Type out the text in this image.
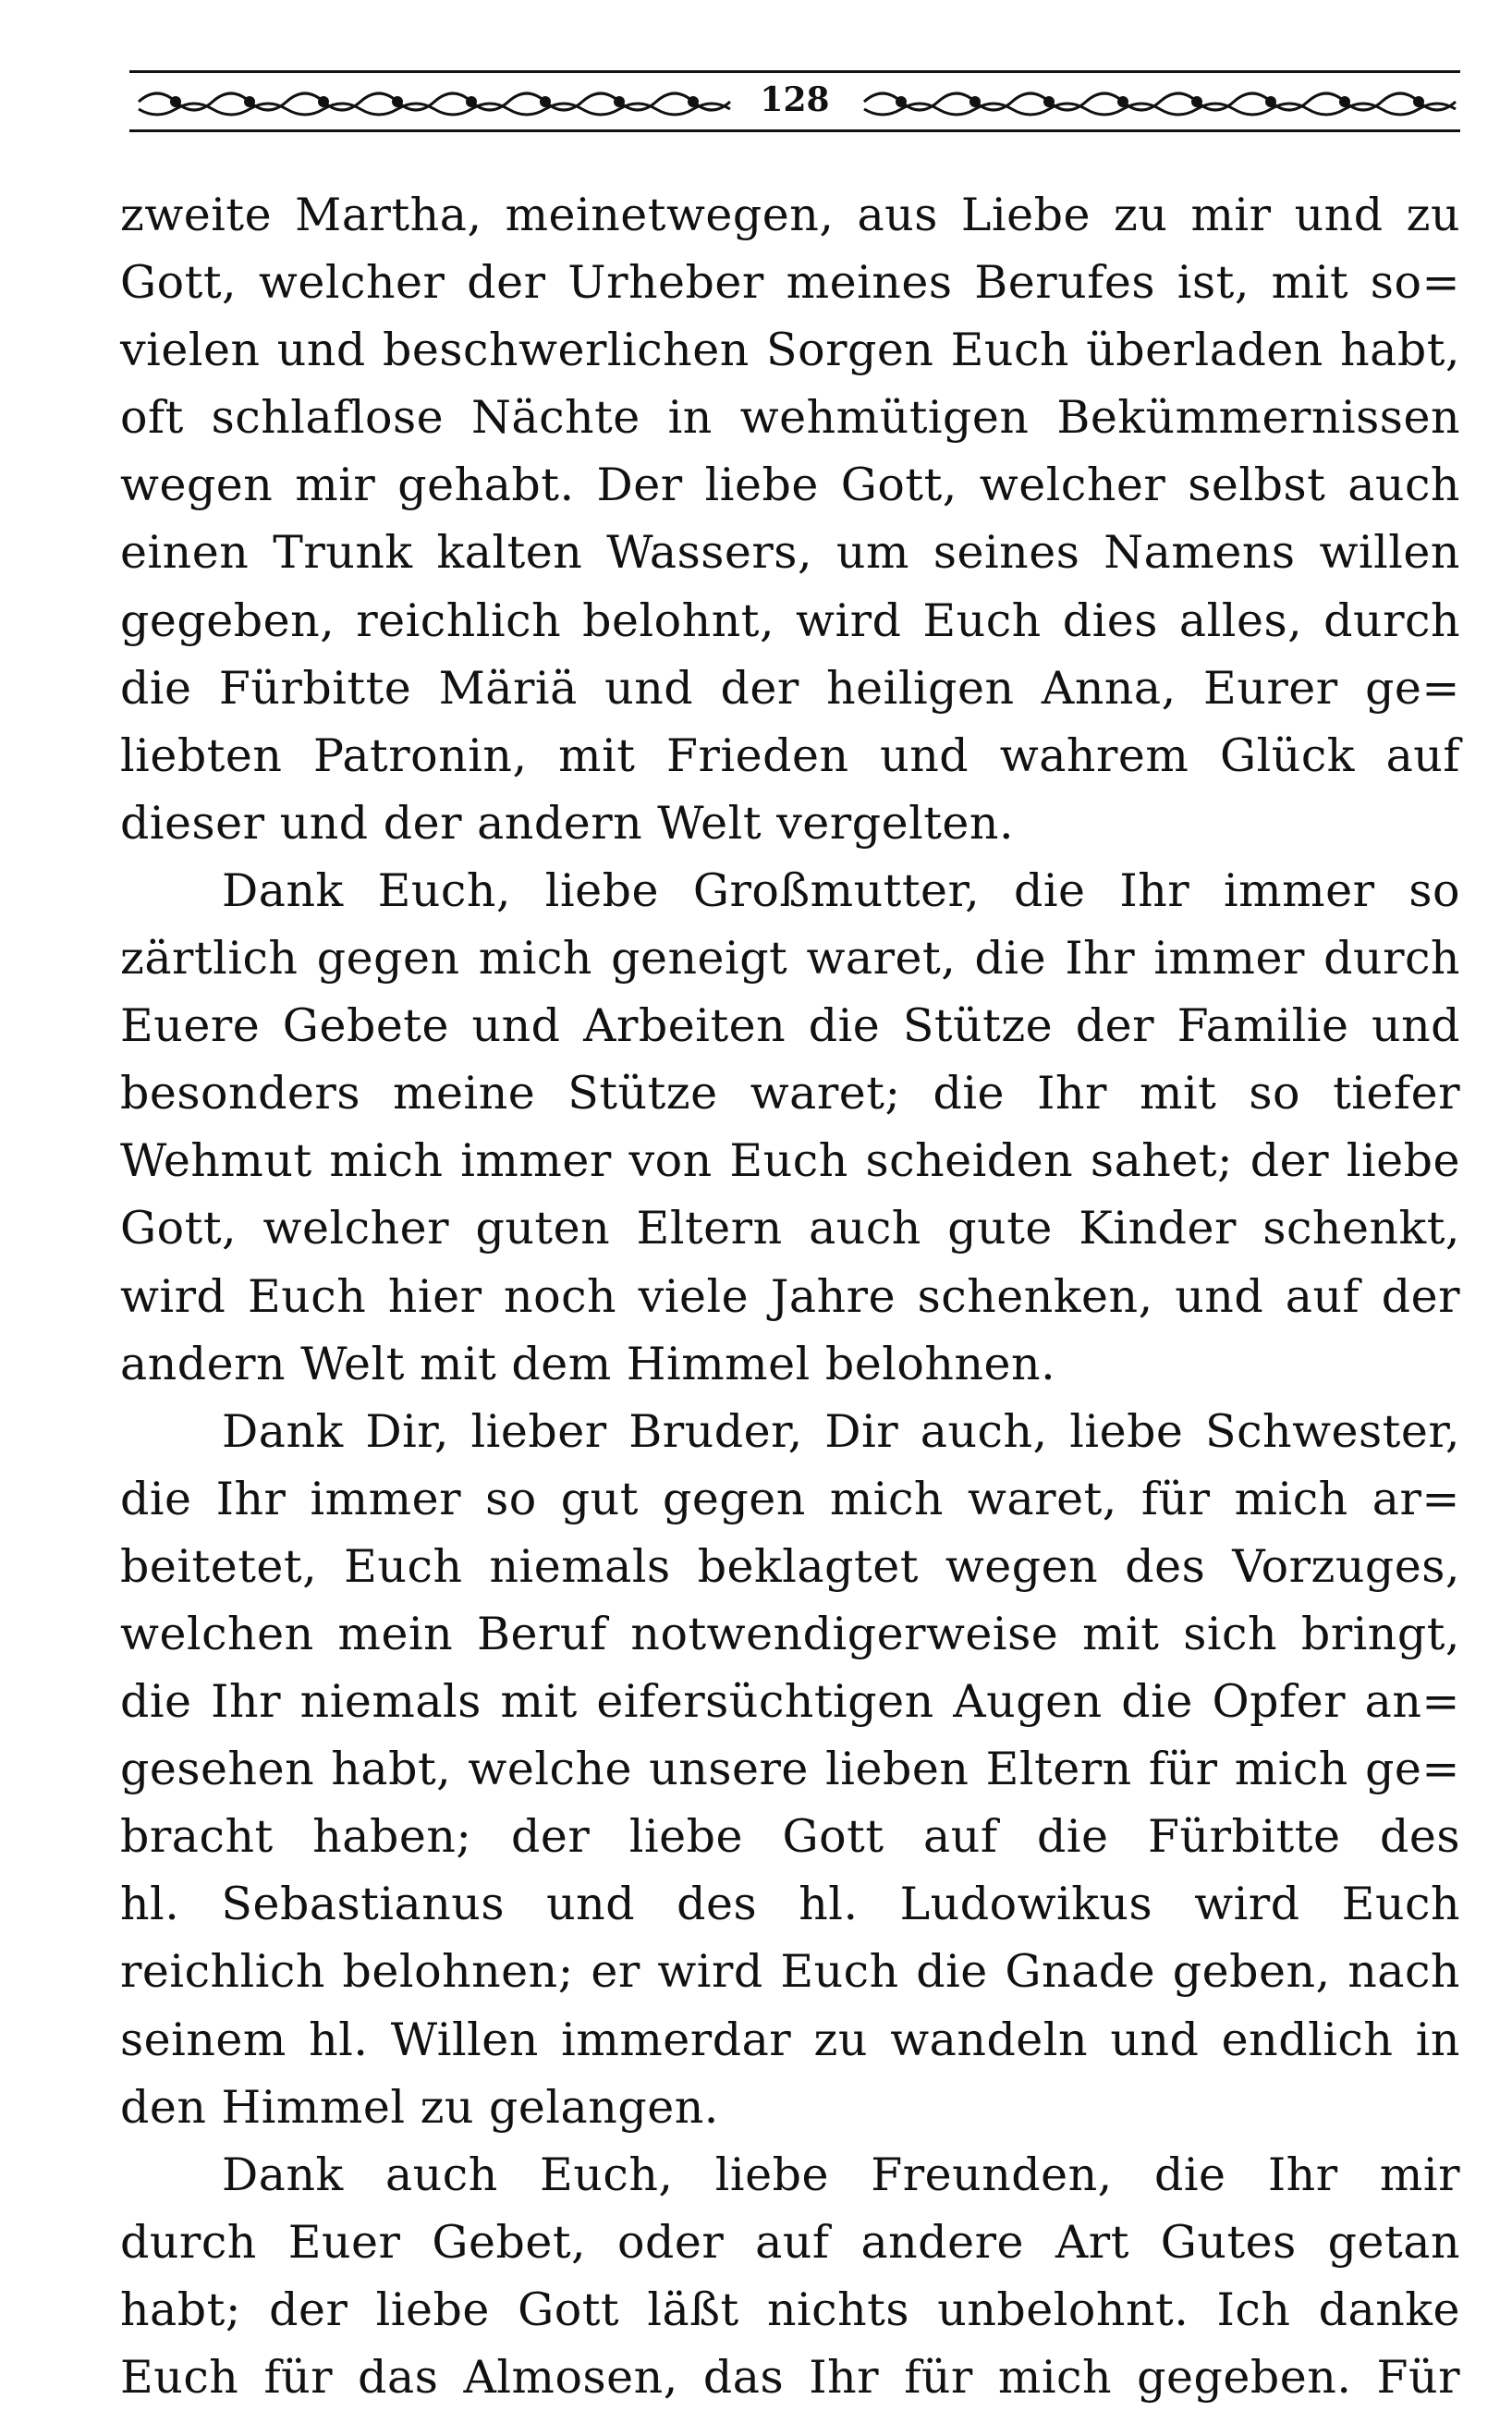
128
zweite Martha, meinetwegen, aus Liebe zu mir und zu
Gott, welcher der Urheber meines Berufes ist, mit so=
vielen und beschwerlichen Sorgen Euch überladen habt,
oft schlaflose Nächte in wehmütigen Bekümmernissen
wegen mir gehabt. Der liebe Gott, welcher selbst auch
einen Trunk kalten Wassers, um seines Namens willen
gegeben, reichlich belohnt, wird Euch dies alles, durch
die Fürbitte Märiä und der heiligen Anna, Eurer ge=
liebten Patronin, mit Frieden und wahrem Glück auf
dieser und der andern Welt vergelten.
Dank Euch, liebe Großmutter, die Ihr immer so
zärtlich gegen mich geneigt waret, die Ihr immer durch
Euere Gebete und Arbeiten die Stütze der Familie und
besonders meine Stütze waret; die Ihr mit so tiefer
Wehmut mich immer von Euch scheiden sahet; der liebe
Gott, welcher guten Eltern auch gute Kinder schenkt,
wird Euch hier noch viele Jahre schenken, und auf der
andern Welt mit dem Himmel belohnen.
Dank Dir, lieber Bruder, Dir auch, liebe Schwester,
die Ihr immer so gut gegen mich waret, für mich ar=
beitetet, Euch niemals beklagtet wegen des Vorzuges,
welchen mein Beruf notwendigerweise mit sich bringt,
die Ihr niemals mit eifersüchtigen Augen die Opfer an=
gesehen habt, welche unsere lieben Eltern für mich ge=
bracht haben; der liebe Gott auf die Fürbitte des
hl. Sebastianus und des hl. Ludowikus wird Euch
reichlich belohnen; er wird Euch die Gnade geben, nach
seinem hl. Willen immerdar zu wandeln und endlich in
den Himmel zu gelangen.
Dank auch Euch, liebe Freunden, die Ihr mir
durch Euer Gebet, oder auf andere Art Gutes getan
habt; der liebe Gott läßt nichts unbelohnt. Ich danke
Euch für das Almosen, das Ihr für mich gegeben. Für
